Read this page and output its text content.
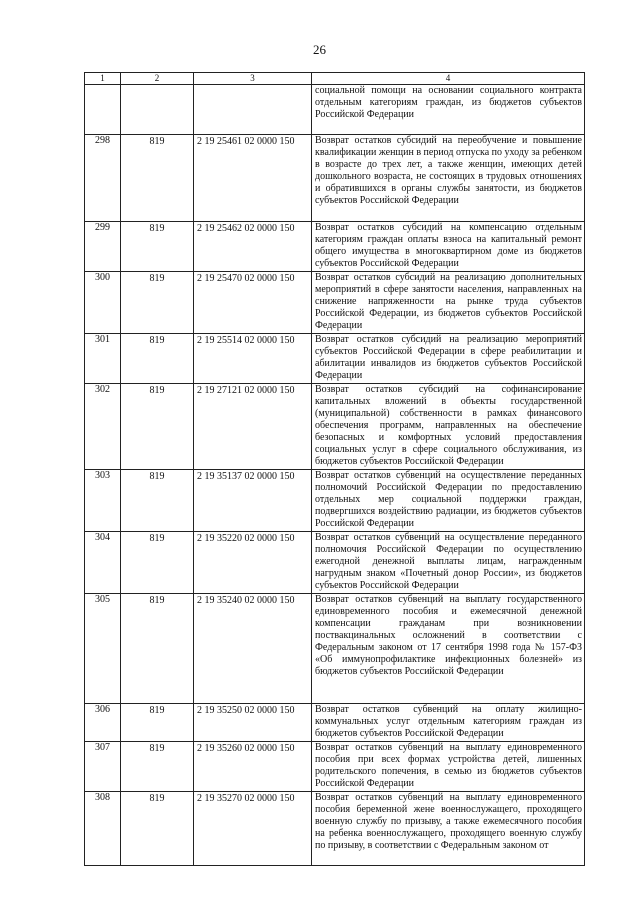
26
1	2	3	4
			социальной помощи на основании социального контракта отдельным категориям граждан, из бюджетов субъектов Российской Федерации
298	819	2 19 25461 02 0000 150	Возврат остатков субсидий на переобучение и повышение квалификации женщин в период отпуска по уходу за ребенком в возрасте до трех лет, а также женщин, имеющих детей дошкольного возраста, не состоящих в трудовых отношениях и обратившихся в органы службы занятости, из бюджетов субъектов Российской Федерации
299	819	2 19 25462 02 0000 150	Возврат остатков субсидий на компенсацию отдельным категориям граждан оплаты взноса на капитальный ремонт общего имущества в многоквартирном доме из бюджетов субъектов Российской Федерации
300	819	2 19 25470 02 0000 150	Возврат остатков субсидий на реализацию дополнительных мероприятий в сфере занятости населения, направленных на снижение напряженности на рынке труда субъектов Российской Федерации, из бюджетов субъектов Российской Федерации
301	819	2 19 25514 02 0000 150	Возврат остатков субсидий на реализацию мероприятий субъектов Российской Федерации в сфере реабилитации и абилитации инвалидов из бюджетов субъектов Российской Федерации
302	819	2 19 27121 02 0000 150	Возврат остатков субсидий на софинансирование капитальных вложений в объекты государственной (муниципальной) собственности в рамках финансового обеспечения программ, направленных на обеспечение безопасных и комфортных условий предоставления социальных услуг в сфере социального обслуживания, из бюджетов субъектов Российской Федерации
303	819	2 19 35137 02 0000 150	Возврат остатков субвенций на осуществление переданных полномочий Российской Федерации по предоставлению отдельных мер социальной поддержки граждан, подвергшихся воздействию радиации, из бюджетов субъектов Российской Федерации
304	819	2 19 35220 02 0000 150	Возврат остатков субвенций на осуществление переданного полномочия Российской Федерации по осуществлению ежегодной денежной выплаты лицам, награжденным нагрудным знаком «Почетный донор России», из бюджетов субъектов Российской Федерации
305	819	2 19 35240 02 0000 150	Возврат остатков субвенций на выплату государственного единовременного пособия и ежемесячной денежной компенсации гражданам при возникновении поствакцинальных осложнений в соответствии с Федеральным законом от 17 сентября 1998 года № 157-ФЗ «Об иммунопрофилактике инфекционных болезней» из бюджетов субъектов Российской Федерации
306	819	2 19 35250 02 0000 150	Возврат остатков субвенций на оплату жилищно-коммунальных услуг отдельным категориям граждан из бюджетов субъектов Российской Федерации
307	819	2 19 35260 02 0000 150	Возврат остатков субвенций на выплату единовременного пособия при всех формах устройства детей, лишенных родительского попечения, в семью из бюджетов субъектов Российской Федерации
308	819	2 19 35270 02 0000 150	Возврат остатков субвенций на выплату единовременного пособия беременной жене военнослужащего, проходящего военную службу по призыву, а также ежемесячного пособия на ребенка военнослужащего, проходящего военную службу по призыву, в соответствии с Федеральным законом от
